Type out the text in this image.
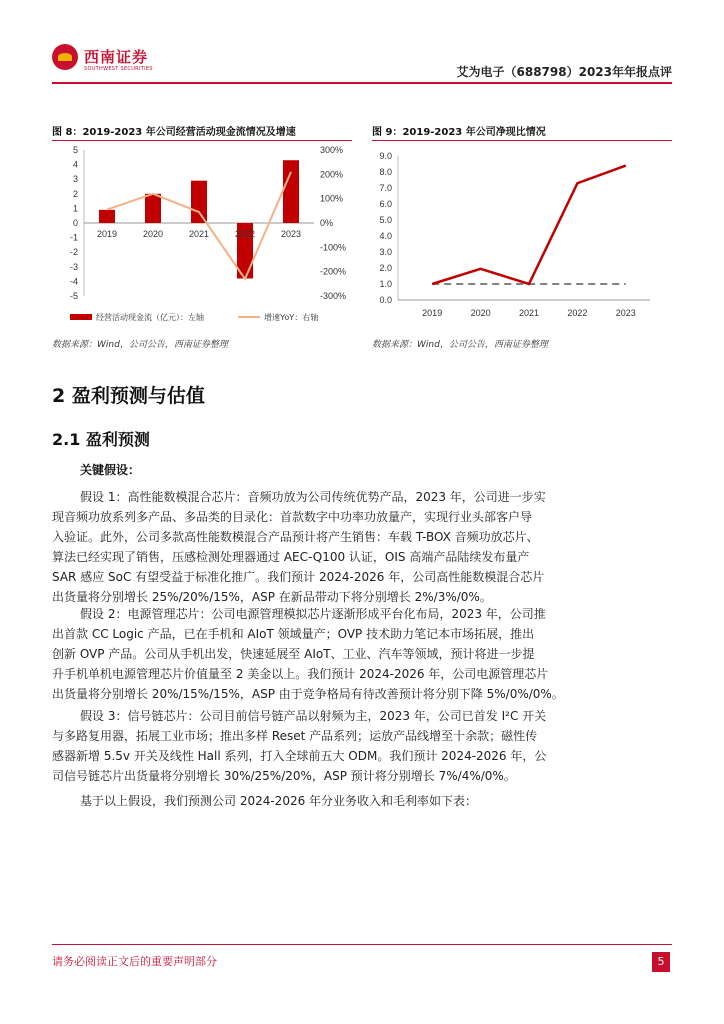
西南证券
SOUTHWEST SECURITIES	艾为电子（688798）2023年年报点评
图 8：2019-2023 年公司经营活动现金流情况及增速
5
4
3
2
1
0
-1
-2
-3
-4
-5
300%
200%
100%
0%
-100%
-200%
-300%
2019	2020	2021	2022	2023
经营活动现金流（亿元）：左轴	增速YoY：右轴
数据来源：Wind，公司公告，西南证券整理
图 9：2019-2023 年公司净现比情况
9.0
8.0
7.0
6.0
5.0
4.0
3.0
2.0
1.0
0.0
2019	2020	2021	2022	2023
数据来源：Wind，公司公告，西南证券整理
2 盈利预测与估值
2.1 盈利预测
关键假设：
假设 1：高性能数模混合芯片：音频功放为公司传统优势产品，2023 年，公司进一步实
现音频功放系列多产品、多品类的目录化：首款数字中功率功放量产，实现行业头部客户导
入验证。此外，公司多款高性能数模混合产品预计将产生销售：车载 T-BOX 音频功放芯片、
算法已经实现了销售，压感检测处理器通过 AEC-Q100 认证，OIS 高端产品陆续发布量产
SAR 感应 SoC 有望受益于标准化推广。我们预计 2024-2026 年，公司高性能数模混合芯片
出货量将分别增长 25%/20%/15%，ASP 在新品带动下将分别增长 2%/3%/0%。
假设 2：电源管理芯片：公司电源管理模拟芯片逐渐形成平台化布局，2023 年，公司推
出首款 CC Logic 产品，已在手机和 AIoT 领域量产；OVP 技术助力笔记本市场拓展，推出
创新 OVP 产品。公司从手机出发，快速延展至 AIoT、工业、汽车等领域，预计将进一步提
升手机单机电源管理芯片价值量至 2 美金以上。我们预计 2024-2026 年，公司电源管理芯片
出货量将分别增长 20%/15%/15%，ASP 由于竞争格局有待改善预计将分别下降 5%/0%/0%。
假设 3：信号链芯片：公司目前信号链产品以射频为主，2023 年，公司已首发 I²C 开关
与多路复用器，拓展工业市场；推出多样 Reset 产品系列；运放产品线增至十余款；磁性传
感器新增 5.5v 开关及线性 Hall 系列，打入全球前五大 ODM。我们预计 2024-2026 年，公
司信号链芯片出货量将分别增长 30%/25%/20%，ASP 预计将分别增长 7%/4%/0%。
基于以上假设，我们预测公司 2024-2026 年分业务收入和毛利率如下表：
请务必阅读正文后的重要声明部分	5
